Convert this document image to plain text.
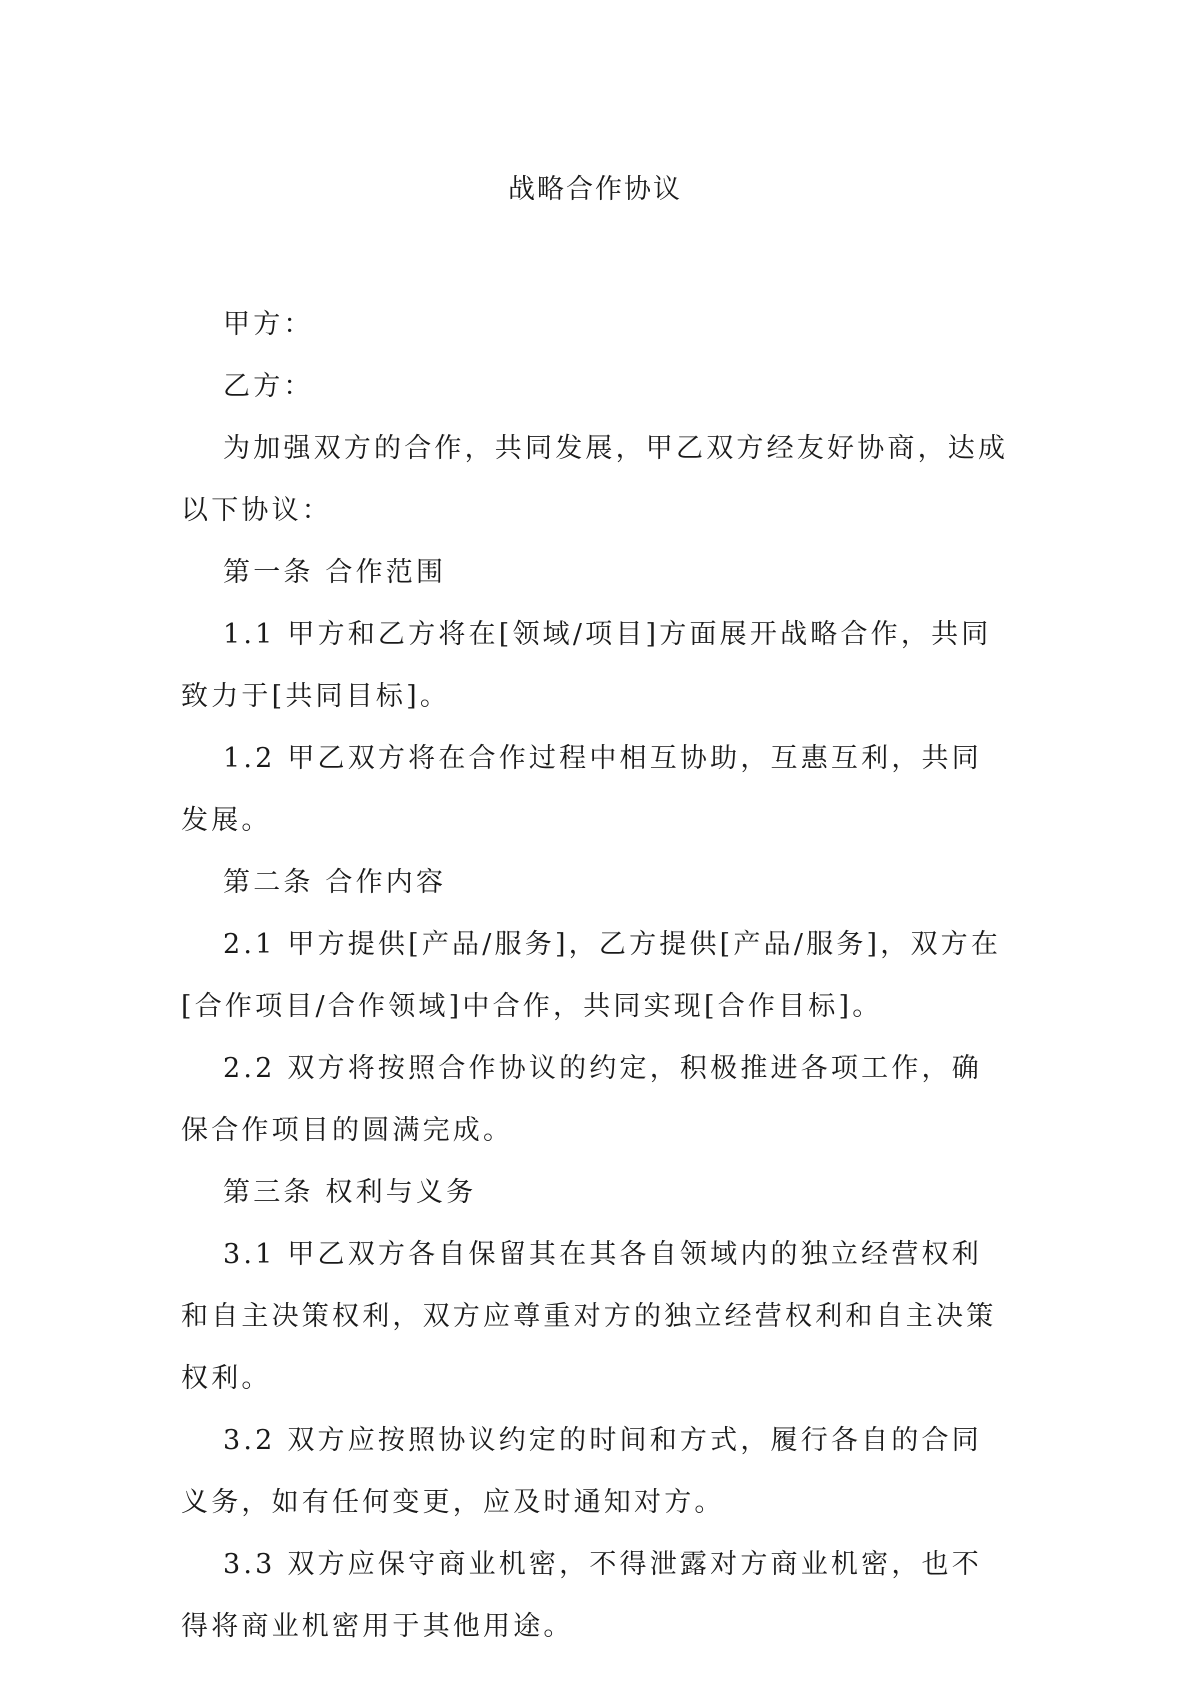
战略合作协议

甲方：

乙方：

为加强双方的合作，共同发展，甲乙双方经友好协商，达成以下协议：

第一条 合作范围

1.1 甲方和乙方将在[领域/项目]方面展开战略合作，共同致力于[共同目标]。

1.2 甲乙双方将在合作过程中相互协助，互惠互利，共同发展。

第二条 合作内容

2.1 甲方提供[产品/服务]，乙方提供[产品/服务]，双方在[合作项目/合作领域]中合作，共同实现[合作目标]。

2.2 双方将按照合作协议的约定，积极推进各项工作，确保合作项目的圆满完成。

第三条 权利与义务

3.1 甲乙双方各自保留其在其各自领域内的独立经营权利和自主决策权利，双方应尊重对方的独立经营权利和自主决策权利。

3.2 双方应按照协议约定的时间和方式，履行各自的合同义务，如有任何变更，应及时通知对方。

3.3 双方应保守商业机密，不得泄露对方商业机密，也不得将商业机密用于其他用途。
